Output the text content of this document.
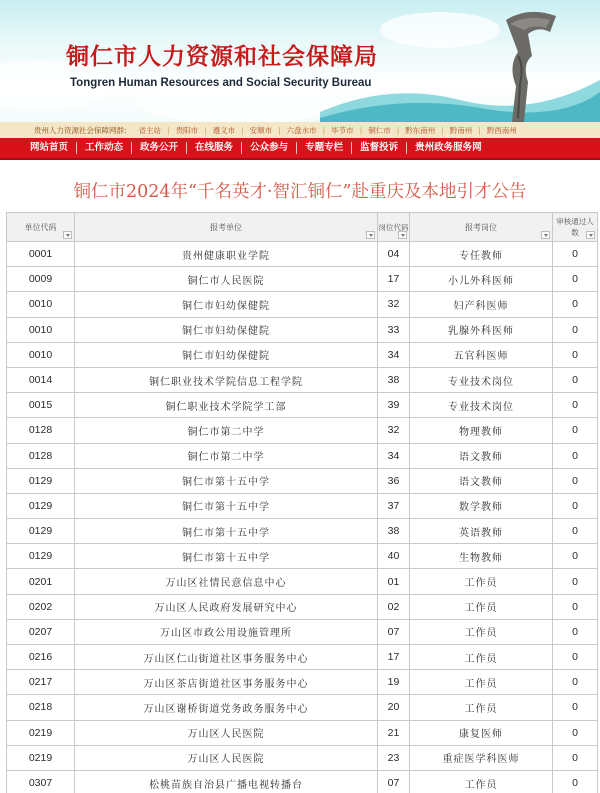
铜仁市人力资源和社会保障局
Tongren Human Resources and Social Security Bureau
贵州人力资源社会保障网群: 省主站 | 贵阳市 | 遵义市 | 安顺市 | 六盘水市 | 毕节市 | 铜仁市 | 黔东南州 | 黔南州 | 黔西南州
网站首页	工作动态	政务公开	在线服务	公众参与	专题专栏	监督投诉	贵州政务服务网
铜仁市2024年“千名英才·智汇铜仁”赴重庆及本地引才公告
单位代码	报考单位	岗位代码	报考岗位	审核通过人数

0001	贵州健康职业学院	04	专任教师	0
0009	铜仁市人民医院	17	小儿外科医师	0
0010	铜仁市妇幼保健院	32	妇产科医师	0
0010	铜仁市妇幼保健院	33	乳腺外科医师	0
0010	铜仁市妇幼保健院	34	五官科医师	0
0014	铜仁职业技术学院信息工程学院	38	专业技术岗位	0
0015	铜仁职业技术学院学工部	39	专业技术岗位	0
0128	铜仁市第二中学	32	物理教师	0
0128	铜仁市第二中学	34	语文教师	0
0129	铜仁市第十五中学	36	语文教师	0
0129	铜仁市第十五中学	37	数学教师	0
0129	铜仁市第十五中学	38	英语教师	0
0129	铜仁市第十五中学	40	生物教师	0
0201	万山区社情民意信息中心	01	工作员	0
0202	万山区人民政府发展研究中心	02	工作员	0
0207	万山区市政公用设施管理所	07	工作员	0
0216	万山区仁山街道社区事务服务中心	17	工作员	0
0217	万山区茶店街道社区事务服务中心	19	工作员	0
0218	万山区谢桥街道党务政务服务中心	20	工作员	0
0219	万山区人民医院	21	康复医师	0
0219	万山区人民医院	23	重症医学科医师	0
0307	松桃苗族自治县广播电视转播台	07	工作员	0
